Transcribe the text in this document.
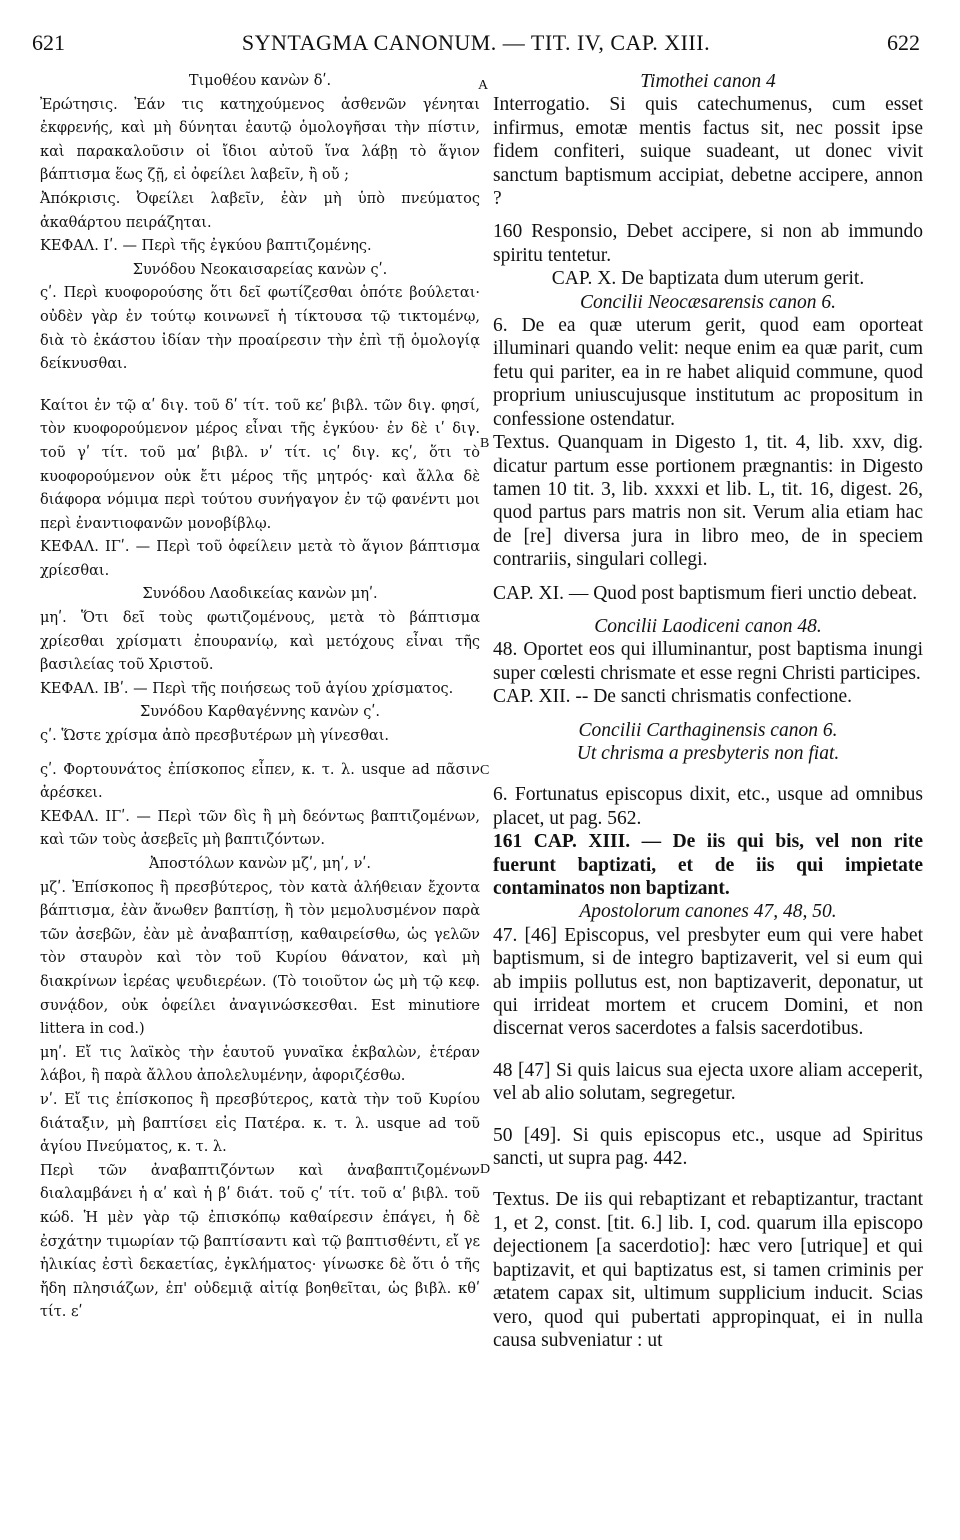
621	SYNTAGMA CANONUM. — TIT. IV, CAP. XIII.	622

Τιμοθέου κανὼν δʹ.

Ἐρώτησις. Ἐάν τις κατηχούμενος ἀσθενῶν γένηται ἐκφρενής, καὶ μὴ δύνηται ἑαυτῷ ὁμολογῆσαι τὴν πίστιν, καὶ παρακαλοῦσιν οἱ ἴδιοι αὐτοῦ ἵνα λάβῃ τὸ ἅγιον βάπτισμα ἕως ζῇ, εἰ ὀφείλει λαβεῖν, ἢ οὔ ;

Ἀπόκρισις. Ὀφείλει λαβεῖν, ἐὰν μὴ ὑπὸ πνεύματος ἀκαθάρτου πειράζηται.

ΚΕΦΑΛ. Ιʹ. — Περὶ τῆς ἐγκύου βαπτιζομένης.

Συνόδου Νεοκαισαρείας κανὼν ςʹ.

ςʹ. Περὶ κυοφορούσης ὅτι δεῖ φωτίζεσθαι ὁπότε βούλεται· οὐδὲν γὰρ ἐν τούτῳ κοινωνεῖ ἡ τίκτουσα τῷ τικτομένῳ, διὰ τὸ ἑκάστου ἰδίαν τὴν προαίρεσιν τὴν ἐπὶ τῇ ὁμολογίᾳ δείκνυσθαι.

Καίτοι ἐν τῷ αʹ διγ. τοῦ δʹ τίτ. τοῦ κεʹ βιβλ. τῶν διγ. φησί, τὸν κυοφορούμενον μέρος εἶναι τῆς ἐγκύου· ἐν δὲ ιʹ διγ. τοῦ γʹ τίτ. τοῦ μαʹ βιβλ. νʹ τίτ. ιςʹ διγ. κςʹ, ὅτι τὸ κυοφορούμενον οὐκ ἔτι μέρος τῆς μητρός· καὶ ἄλλα δὲ διάφορα νόμιμα περὶ τούτου συνήγαγον ἐν τῷ φανέντι μοι περὶ ἐναντιοφανῶν μονοβίβλῳ.

ΚΕΦΑΛ. ΙΓʹ. — Περὶ τοῦ ὀφείλειν μετὰ τὸ ἅγιον βάπτισμα χρίεσθαι.

Συνόδου Λαοδικείας κανὼν μηʹ.

μηʹ. Ὅτι δεῖ τοὺς φωτιζομένους, μετὰ τὸ βάπτισμα χρίεσθαι χρίσματι ἐπουρανίῳ, καὶ μετόχους εἶναι τῆς βασιλείας τοῦ Χριστοῦ.

ΚΕΦΑΛ. ΙΒʹ. — Περὶ τῆς ποιήσεως τοῦ ἁγίου χρίσματος.

Συνόδου Καρθαγέννης κανὼν ςʹ.

ςʹ. Ὥστε χρίσμα ἀπὸ πρεσβυτέρων μὴ γίνεσθαι.

ςʹ. Φορτουνάτος ἐπίσκοπος εἶπεν, κ. τ. λ. usque ad πᾶσιν ἀρέσκει.

ΚΕΦΑΛ. ΙΓʹ. — Περὶ τῶν δὶς ἢ μὴ δεόντως βαπτιζομένων, καὶ τῶν τοὺς ἀσεβεῖς μὴ βαπτιζόντων.

Ἀποστόλων κανὼν μζʹ, μηʹ, νʹ.

μζʹ. Ἐπίσκοπος ἢ πρεσβύτερος, τὸν κατὰ ἀλήθειαν ἔχοντα βάπτισμα, ἐὰν ἄνωθεν βαπτίσῃ, ἢ τὸν μεμολυσμένον παρὰ τῶν ἀσεβῶν, ἐὰν μὲ ἀναβαπτίσῃ, καθαιρείσθω, ὡς γελῶν τὸν σταυρὸν καὶ τὸν τοῦ Κυρίου θάνατον, καὶ μὴ διακρίνων ἱερέας ψευδιερέων. (Τὸ τοιοῦτον ὡς μὴ τῷ κεφ. συνᾴδον, οὐκ ὀφείλει ἀναγινώσκεσθαι. Est minutiore littera in cod.)

μηʹ. Εἴ τις λαϊκὸς τὴν ἑαυτοῦ γυναῖκα ἐκβαλὼν, ἑτέραν λάβοι, ἢ παρὰ ἄλλου ἀπολελυμένην, ἀφοριζέσθω.

νʹ. Εἴ τις ἐπίσκοπος ἢ πρεσβύτερος, κατὰ τὴν τοῦ Κυρίου διάταξιν, μὴ βαπτίσει εἰς Πατέρα. κ. τ. λ. usque ad τοῦ ἁγίου Πνεύματος, κ. τ. λ.

Περὶ τῶν ἀναβαπτιζόντων καὶ ἀναβαπτιζομένων διαλαμβάνει ἡ αʹ καὶ ἡ βʹ διάτ. τοῦ ςʹ τίτ. τοῦ αʹ βιβλ. τοῦ κώδ. Ἡ μὲν γὰρ τῷ ἐπισκόπῳ καθαίρεσιν ἐπάγει, ἡ δὲ ἐσχάτην τιμωρίαν τῷ βαπτίσαντι καὶ τῷ βαπτισθέντι, εἴ γε ἡλικίας ἐστὶ δεκαετίας, ἐγκλήματος· γίνωσκε δὲ ὅτι ὁ τῆς ἤδη πλησιάζων, ἐπ' οὐδεμιᾷ αἰτίᾳ βοηθεῖται, ὡς βιβλ. κθʹ τίτ. εʹ

A
B
C
D

Timothei canon 4

Interrogatio. Si quis catechumenus, cum esset infirmus, emotæ mentis factus sit, nec possit ipse fidem confiteri, suique suadeant, ut donec vivit sanctum baptismum accipiat, debetne accipere, annon ?

160 Responsio, Debet accipere, si non ab immundo spiritu tentetur.

CAP. X. De baptizata dum uterum gerit.

Concilii Neocæsarensis canon 6.

6. De ea quæ uterum gerit, quod eam oporteat illuminari quando velit: neque enim ea quæ parit, cum fetu qui pariter, ea in re habet aliquid commune, quod proprium uniuscujusque institutum ac propositum in confessione ostendatur.

Textus. Quanquam in Digesto 1, tit. 4, lib. xxv, dig. dicatur partum esse portionem prægnantis: in Digesto tamen 10 tit. 3, lib. xxxxi et lib. L, tit. 16, digest. 26, quod partus pars matris non sit. Verum alia etiam hac de [re] diversa jura in libro meo, de in speciem contrariis, singulari collegi.

CAP. XI. — Quod post baptismum fieri unctio debeat.

Concilii Laodiceni canon 48.

48. Oportet eos qui illuminantur, post baptisma inungi super cœlesti chrismate et esse regni Christi participes.

CAP. XII. -- De sancti chrismatis confectione.

Concilii Carthaginensis canon 6.

Ut chrisma a presbyteris non fiat.

6. Fortunatus episcopus dixit, etc., usque ad omnibus placet, ut pag. 562.

161 CAP. XIII. — De iis qui bis, vel non rite fuerunt baptizati, et de iis qui impietate contaminatos non baptizant.

Apostolorum canones 47, 48, 50.

47. [46] Episcopus, vel presbyter eum qui vere habet baptismum, si de integro baptizaverit, vel si eum qui ab impiis pollutus est, non baptizaverit, deponatur, ut qui irrideat mortem et crucem Domini, et non discernat veros sacerdotes a falsis sacerdotibus.

48 [47] Si quis laicus sua ejecta uxore aliam acceperit, vel ab alio solutam, segregetur.

50 [49]. Si quis episcopus etc., usque ad Spiritus sancti, ut supra pag. 442.

Textus. De iis qui rebaptizant et rebaptizantur, tractant 1, et 2, const. [tit. 6.] lib. I, cod. quarum illa episcopo dejectionem [a sacerdotio]: hæc vero [utrique] et qui baptizavit, et qui baptizatus est, si tamen criminis per ætatem capax sit, ultimum supplicium inducit. Scias vero, quod qui pubertati appropinquat, ei in nulla causa subveniatur : ut
